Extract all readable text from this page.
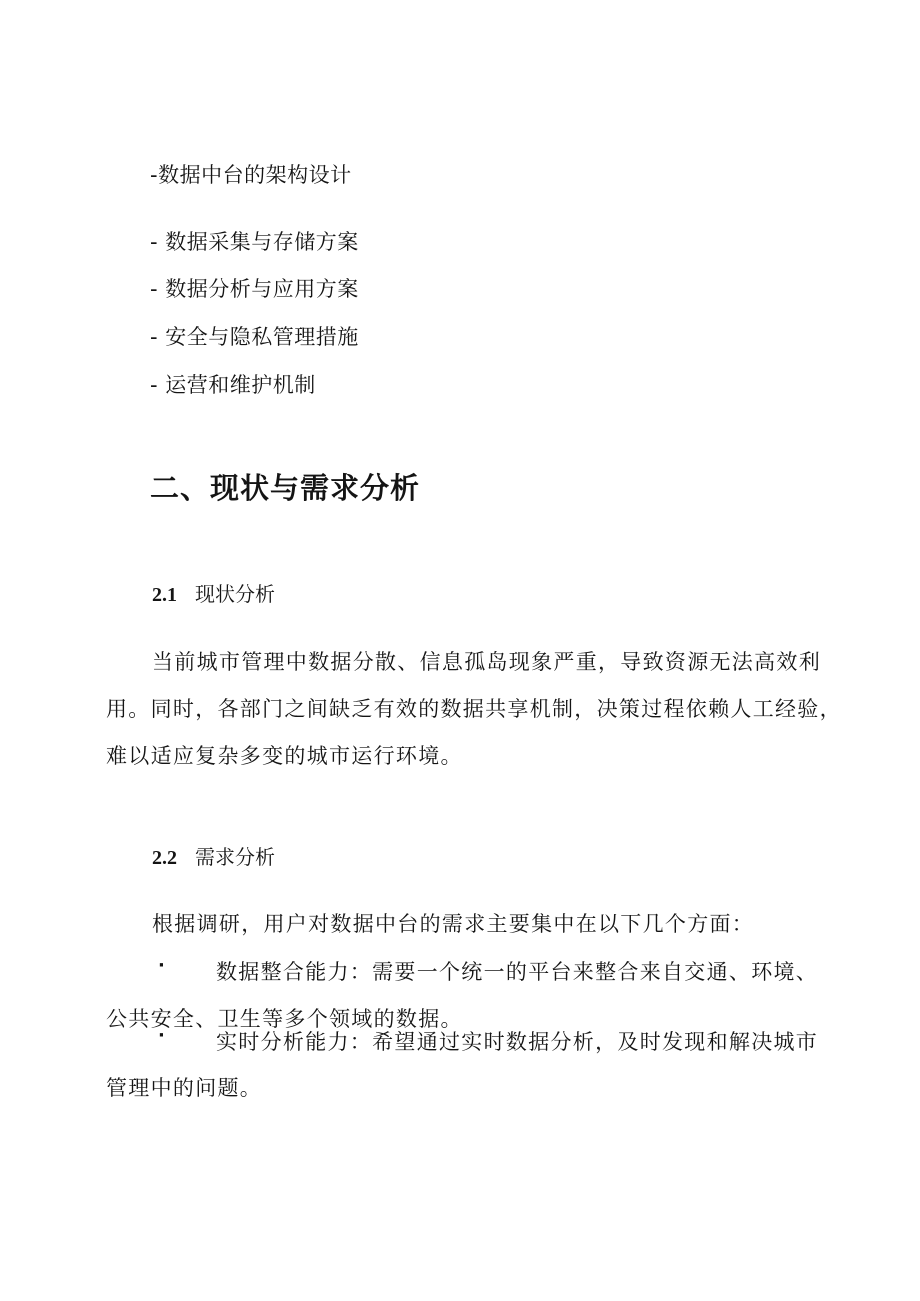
-数据中台的架构设计
- 数据采集与存储方案
- 数据分析与应用方案
- 安全与隐私管理措施
- 运营和维护机制
二、现状与需求分析
2.1 现状分析
当前城市管理中数据分散、信息孤岛现象严重，导致资源无法高效利
用。同时，各部门之间缺乏有效的数据共享机制，决策过程依赖人工经验，
难以适应复杂多变的城市运行环境。
2.2 需求分析
根据调研，用户对数据中台的需求主要集中在以下几个方面：
· 数据整合能力：需要一个统一的平台来整合来自交通、环境、
公共安全、卫生等多个领域的数据。
· 实时分析能力：希望通过实时数据分析，及时发现和解决城市
管理中的问题。
